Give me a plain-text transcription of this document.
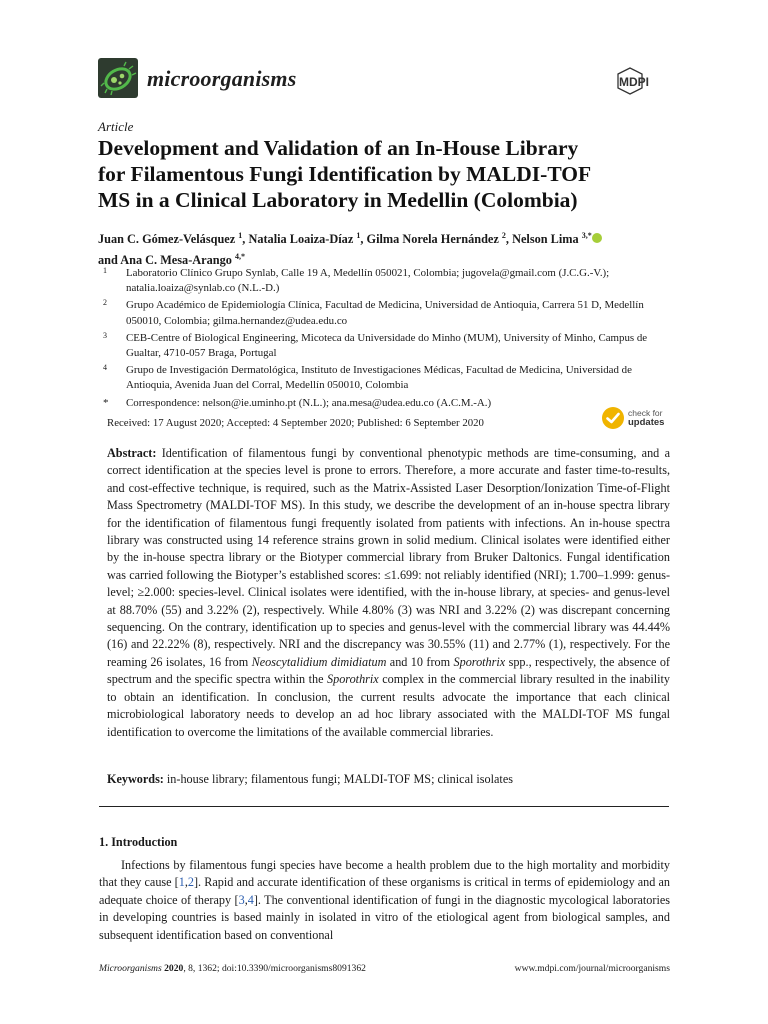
microorganisms	MDPI
Article
Development and Validation of an In-House Library
for Filamentous Fungi Identification by MALDI-TOF
MS in a Clinical Laboratory in Medellin (Colombia)
Juan C. Gómez-Velásquez $^1$, Natalia Loaiza-Díaz $^1$, Gilma Norela Hernández $^2$, Nelson Lima $^{3,*}$
and Ana C. Mesa-Arango $^{4,*}$
1 Laboratorio Clínico Grupo Synlab, Calle 19 A, Medellín 050021, Colombia; jugovela@gmail.com (J.C.G.-V.); natalia.loaiza@synlab.co (N.L.-D.)
2 Grupo Académico de Epidemiología Clínica, Facultad de Medicina, Universidad de Antioquia, Carrera 51 D, Medellín 050010, Colombia; gilma.hernandez@udea.edu.co
3 CEB-Centre of Biological Engineering, Micoteca da Universidade do Minho (MUM), University of Minho, Campus de Gualtar, 4710-057 Braga, Portugal
4 Grupo de Investigación Dermatológica, Instituto de Investigaciones Médicas, Facultad de Medicina, Universidad de Antioquia, Avenida Juan del Corral, Medellín 050010, Colombia
* Correspondence: nelson@ie.uminho.pt (N.L.); ana.mesa@udea.edu.co (A.C.M.-A.)
Received: 17 August 2020; Accepted: 4 September 2020; Published: 6 September 2020
check for
updates

Abstract: Identification of filamentous fungi by conventional phenotypic methods are time-consuming, and a correct identification at the species level is prone to errors. Therefore, a more accurate and faster time-to-results, and cost-effective technique, is required, such as the Matrix-Assisted Laser Desorption/Ionization Time-of-Flight Mass Spectrometry (MALDI-TOF MS). In this study, we describe the development of an in-house spectra library for the identification of filamentous fungi frequently isolated from patients with infections. An in-house spectra library was constructed using 14 reference strains grown in solid medium. Clinical isolates were identified either by the in-house spectra library or the Biotyper commercial library from Bruker Daltonics. Fungal identification was carried following the Biotyper’s established scores: ≤1.699: not reliably identified (NRI); 1.700–1.999: genus-level; ≥2.000: species-level. Clinical isolates were identified, with the in-house library, at species- and genus-level at 88.70% (55) and 3.22% (2), respectively. While 4.80% (3) was NRI and 3.22% (2) was discrepant concerning sequencing. On the contrary, identification up to species and genus-level with the commercial library was 44.44% (16) and 22.22% (8), respectively. NRI and the discrepancy was 30.55% (11) and 2.77% (1), respectively. For the reaming 26 isolates, 16 from Neoscytalidium dimidiatum and 10 from Sporothrix spp., respectively, the absence of spectrum and the specific spectra within the Sporothrix complex in the commercial library resulted in the inability to obtain an identification. In conclusion, the current results advocate the importance that each clinical microbiological laboratory needs to develop an ad hoc library associated with the MALDI-TOF MS fungal identification to overcome the limitations of the available commercial libraries.

Keywords: in-house library; filamentous fungi; MALDI-TOF MS; clinical isolates
1. Introduction

Infections by filamentous fungi species have become a health problem due to the high mortality and morbidity that they cause [1,2]. Rapid and accurate identification of these organisms is critical in terms of epidemiology and an adequate choice of therapy [3,4]. The conventional identification of fungi in the diagnostic mycological laboratories in developing countries is based mainly in isolated in vitro of the etiological agent from biological samples, and subsequent identification based on conventional

Microorganisms 2020, 8, 1362; doi:10.3390/microorganisms8091362	www.mdpi.com/journal/microorganisms
